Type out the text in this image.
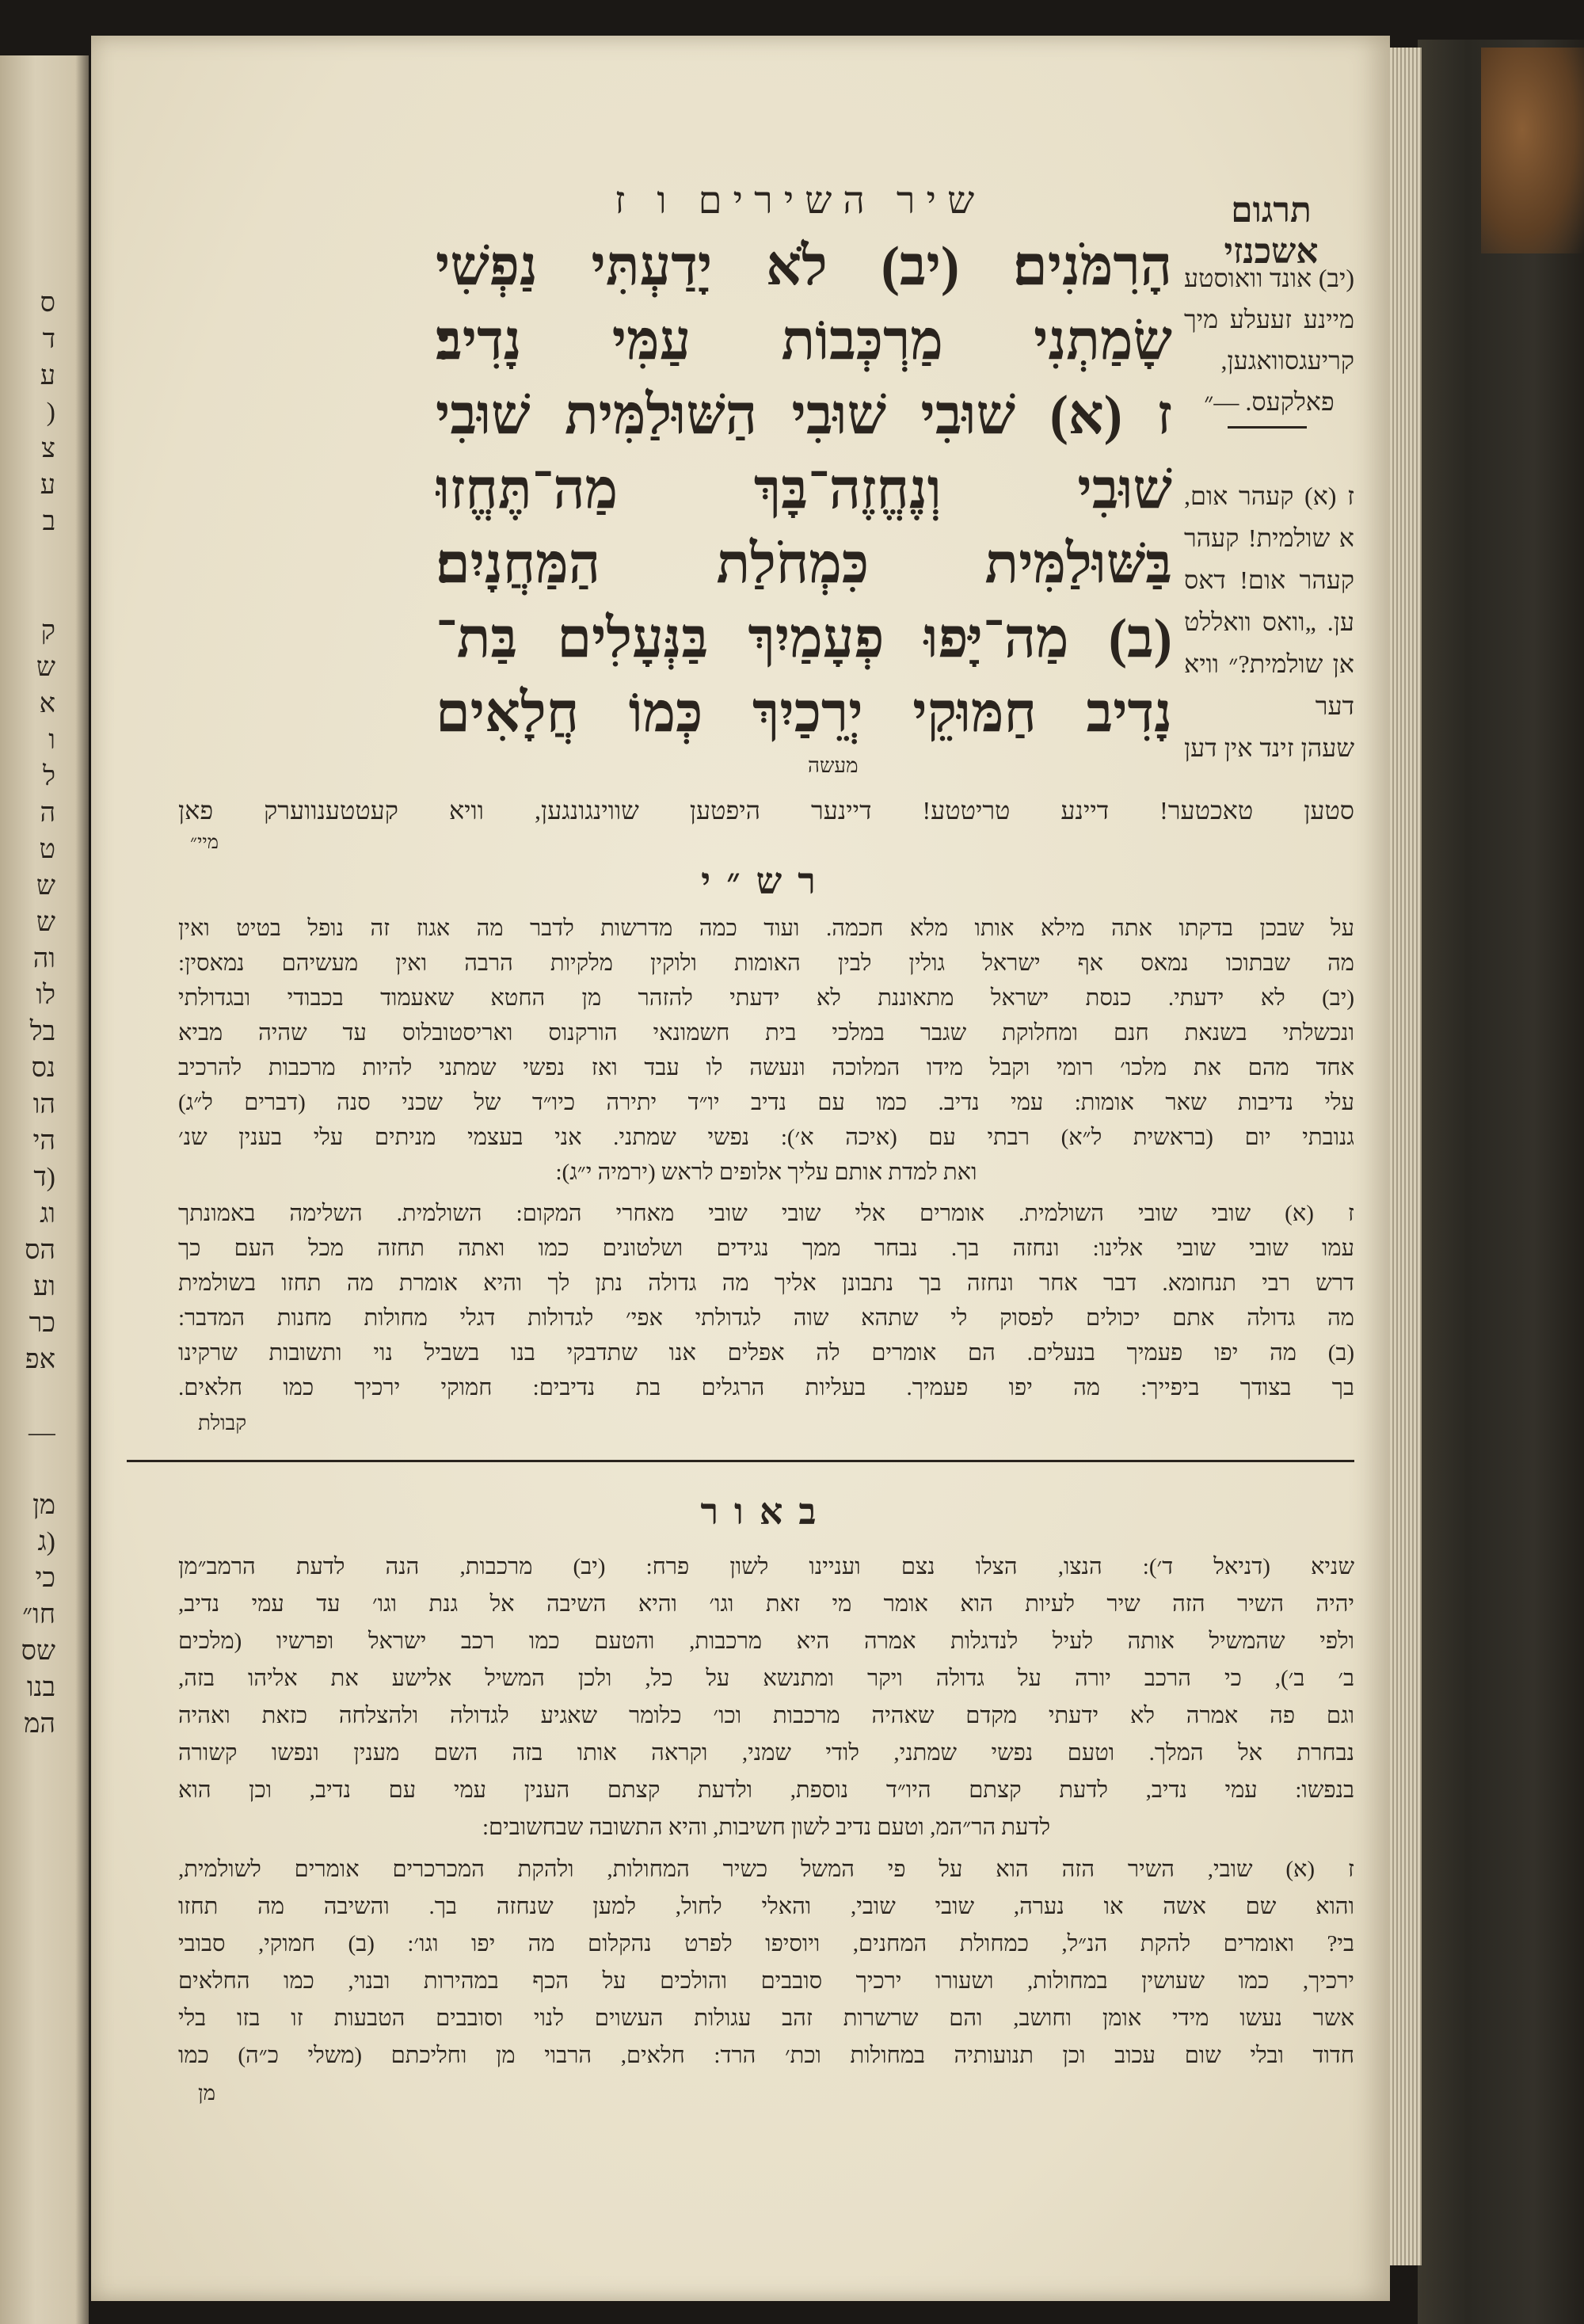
ס
ד
ע
(
צ
ע
ב
ק
ש
א
ו
ל
ה
ט
ש
ש
וה
לו
בל
נס
הו
הי
(ד
וג
הס
וע
כר
אפ
—
מן
(ג
כי
חו״
שס
בנו
המ
שיר השירים ו ז	תרגום אשכנזי
הָרִמֹּנִים׃ (יב) לֹא יָדַעְתִּי נַפְשִׁי
שָׂמַתְנִי מַרְכְּבוֹת עַמִּי נָדִיב׃
ז (א) שׁוּבִי שׁוּבִי הַשּׁוּלַמִּית שׁוּבִי
שׁוּבִי וְנֶחֱזֶה־בָּךְ מַה־תֶּחֱזוּ
בַּשּׁוּלַמִּית כִּמְחֹלַת הַמַּחֲנָיִם׃
(ב) מַה־יָּפוּ פְעָמַיִךְ בַּנְּעָלִים בַּת־
נָדִיב חַמּוּקֵי יְרֵכַיִךְ כְּמוֹ חֲלָאִים
מעשה
(יב) אונד וואוסטע
מיינע זעעלע מיך
קריעגסוואגען,
פאלקעס. —״
ז (א) קעהר אום,
א שולמית! קעהר
קעהר אום! דאס
ען. „וואס וואללט
אן שולמית?״ וויא
דער
שעהן זינד אין דען
סטען טאכטער! דיינע טריטטע! דיינער היפטען שווינגונגען, וויא קעטטענווערק פאן
מיי״
רש״י
על שבכן בדקתו אתה מילא אותו מלא חכמה. ועוד כמה מדרשות לדבר מה אגוז זה נופל בטיט ואין
מה שבתוכו נמאס אף ישראל גולין לבין האומות ולוקין מלקיות הרבה ואין מעשיהם נמאסין:
(יב) לא ידעתי. כנסת ישראל מתאוננת לא ידעתי להזהר מן החטא שאעמוד בכבודי ובגדולתי
ונכשלתי בשנאת חנם ומחלוקת שגבר במלכי בית חשמונאי הורקנוס ואריסטובלוס עד שהיה מביא
אחד מהם את מלכו׳ רומי וקבל מידו המלוכה ונעשה לו עבד ואז נפשי שמתני להיות מרכבות להרכיב
עלי נדיבות שאר אומות: עמי נדיב. כמו עם נדיב יו״ד יתירה כיו״ד של שכני סנה (דברים ל״ג)
גנובתי יום (בראשית ל״א) רבתי עם (איכה א׳): נפשי שמתני. אני בעצמי מניתים עלי בענין שנ׳
ואת למדת אותם עליך אלופים לראש (ירמיה י״ג):
ז (א) שובי שובי השולמית. אומרים אלי שובי שובי מאחרי המקום: השולמית. השלימה באמונתך
עמו שובי שובי אלינו: ונחזה בך. נבחר ממך נגידים ושלטונים כמו ואתה תחזה מכל העם כך
דרש רבי תנחומא. דבר אחר ונחזה בך נתבונן אליך מה גדולה נתן לך והיא אומרת מה תחזו בשולמית
מה גדולה אתם יכולים לפסוק לי שתהא שוה לגדולתי אפי׳ לגדולות דגלי מחולות מחנות המדבר:
(ב) מה יפו פעמיך בנעלים. הם אומרים לה אפלים אנו שתדבקי בנו בשביל נוי ותשובות שרקינו
בך בצודך ביפייך: מה יפו פעמיך. בעליות הרגלים בת נדיבים: חמוקי ירכיך כמו חלאים.
קבולת
באור
שניא (דניאל ד׳): הנצו, הצלו נצם ועניינו לשון פרח: (יב) מרכבות, הנה לדעת הרמב״מן
יהיה השיר הזה שיר לעיות הוא אומר מי זאת וגו׳ והיא השיבה אל גנת וגו׳ עד עמי נדיב,
ולפי שהמשיל אותה לעיל לנדגלות אמרה היא מרכבות, והטעם כמו רכב ישראל ופרשיו (מלכים
ב׳ ב׳), כי הרכב יורה על גדולה ויקר ומתנשא על כל, ולכן המשיל אלישע את אליהו בזה,
וגם פה אמרה לא ידעתי מקדם שאהיה מרכבות וכו׳ כלומר שאגיע לגדולה ולהצלחה כזאת ואהיה
נבחרת אל המלך. וטעם נפשי שמתני, לודי שמני, וקראה אותו בזה השם מענין ונפשו קשורה
בנפשו: עמי נדיב, לדעת קצתם היו״ד נוספת, ולדעת קצתם הענין עמי עם נדיב, וכן הוא
לדעת הר״המ, וטעם נדיב לשון חשיבות, והיא התשובה שבחשובים:
ז (א) שובי, השיר הזה הוא על פי המשל כשיר המחולות, ולהקת המכרכרים אומרים לשולמית,
והוא שם אשה או נערה, שובי שובי, והאלי לחול, למען שנחזה בך. והשיבה מה תחזו
בי? ואומרים להקת הנ״ל, כמחולת המחנים, ויוסיפו לפרט נהקלום מה יפו וגו׳: (ב) חמוקי, סבובי
ירכיך, כמו שעושין במחולות, ושעורו ירכיך סובבים והולכים על הכף במהירות ובנוי, כמו החלאים
אשר נעשו מידי אומן וחושב, והם שרשרות זהב עגולות העשוים לנוי וסובבים הטבעות זו בזו בלי
חדוד ובלי שום עכוב וכן תנועותיה במחולות וכת׳ הרד: חלאים, הרבוי מן וחליכתם (משלי כ״ה) כמו
מן
